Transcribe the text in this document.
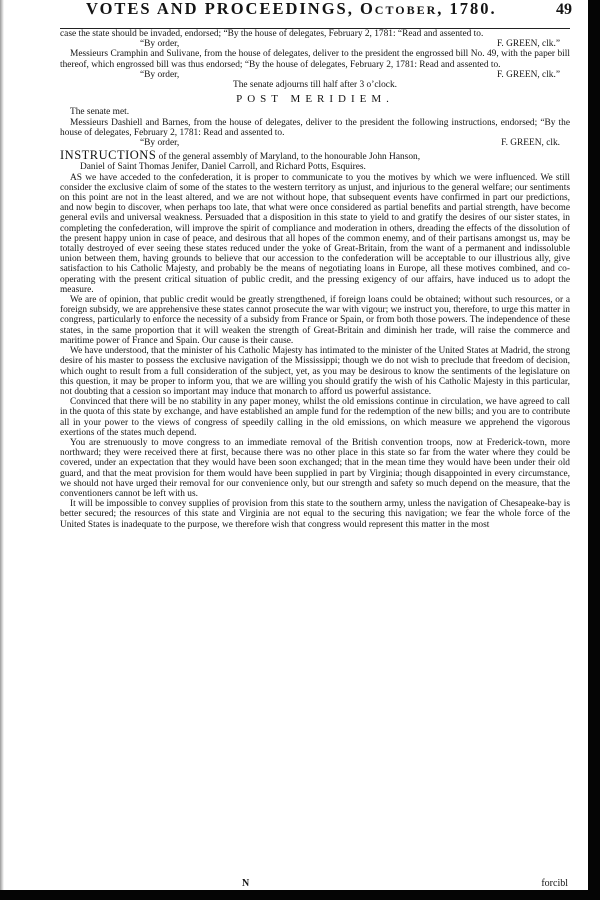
VOTES AND PROCEEDINGS, October, 1780.	49

case the state should be invaded, endorsed; “By the house of delegates, February 2, 1781: “Read and assented to.

“By order,	F. GREEN, clk.”

Messieurs Cramphin and Sulivane, from the house of delegates, deliver to the president the engrossed bill No. 49, with the paper bill thereof, which engrossed bill was thus endorsed; “By the house of delegates, February 2, 1781: Read and assented to.

“By order,	F. GREEN, clk.”

The senate adjourns till half after 3 o’clock.

POST MERIDIEM.

The senate met.

Messieurs Dashiell and Barnes, from the house of delegates, deliver to the president the following instructions, endorsed; “By the house of delegates, February 2, 1781: Read and assented to.

“By order,	F. GREEN, clk.
INSTRUCTIONS of the general assembly of Maryland, to the honourable John Hanson,
Daniel of Saint Thomas Jenifer, Daniel Carroll, and Richard Potts, Esquires.

AS we have acceded to the confederation, it is proper to communicate to you the motives by which we were influenced. We still consider the exclusive claim of some of the states to the western territory as unjust, and injurious to the general welfare; our sentiments on this point are not in the least altered, and we are not without hope, that subsequent events have confirmed in part our predictions, and now begin to discover, when perhaps too late, that what were once considered as partial benefits and partial strength, have become general evils and universal weakness. Persuaded that a disposition in this state to yield to and gratify the desires of our sister states, in completing the confederation, will improve the spirit of compliance and moderation in others, dreading the effects of the dissolution of the present happy union in case of peace, and desirous that all hopes of the common enemy, and of their partisans amongst us, may be totally destroyed of ever seeing these states reduced under the yoke of Great-Britain, from the want of a permanent and indissoluble union between them, having grounds to believe that our accession to the confederation will be acceptable to our illustrious ally, give satisfaction to his Catholic Majesty, and probably be the means of negotiating loans in Europe, all these motives combined, and co-operating with the present critical situation of public credit, and the pressing exigency of our affairs, have induced us to adopt the measure.

We are of opinion, that public credit would be greatly strengthened, if foreign loans could be obtained; without such resources, or a foreign subsidy, we are apprehensive these states cannot prosecute the war with vigour; we instruct you, therefore, to urge this matter in congress, particularly to enforce the necessity of a subsidy from France or Spain, or from both those powers. The independence of these states, in the same proportion that it will weaken the strength of Great-Britain and diminish her trade, will raise the commerce and maritime power of France and Spain. Our cause is their cause.

We have understood, that the minister of his Catholic Majesty has intimated to the minister of the United States at Madrid, the strong desire of his master to possess the exclusive navigation of the Mississippi; though we do not wish to preclude that freedom of decision, which ought to result from a full consideration of the subject, yet, as you may be desirous to know the sentiments of the legislature on this question, it may be proper to inform you, that we are willing you should gratify the wish of his Catholic Majesty in this particular, not doubting that a cession so important may induce that monarch to afford us powerful assistance.

Convinced that there will be no stability in any paper money, whilst the old emissions continue in circulation, we have agreed to call in the quota of this state by exchange, and have established an ample fund for the redemption of the new bills; and you are to contribute all in your power to the views of congress of speedily calling in the old emissions, on which measure we apprehend the vigorous exertions of the states much depend.

You are strenuously to move congress to an immediate removal of the British convention troops, now at Frederick-town, more northward; they were received there at first, because there was no other place in this state so far from the water where they could be covered, under an expectation that they would have been soon exchanged; that in the mean time they would have been under their old guard, and that the meat provision for them would have been supplied in part by Virginia; though disappointed in every circumstance, we should not have urged their removal for our convenience only, but our strength and safety so much depend on the measure, that the conventioners cannot be left with us.

It will be impossible to convey supplies of provision from this state to the southern army, unless the navigation of Chesapeake-bay is better secured; the resources of this state and Virginia are not equal to the securing this navigation; we fear the whole force of the United States is inadequate to the purpose, we therefore wish that congress would represent this matter in the most

N	forcibl
